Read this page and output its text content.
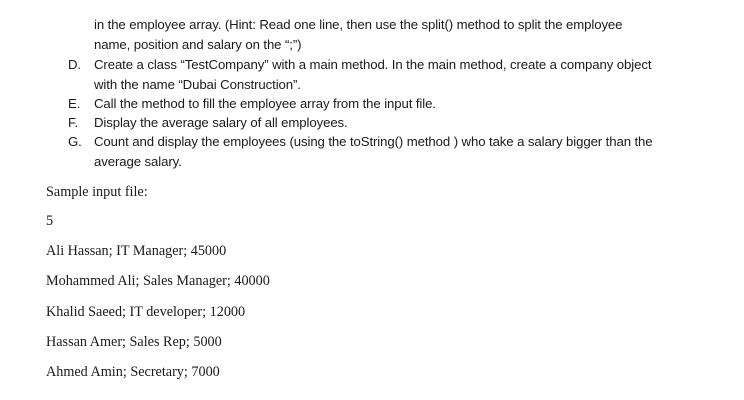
in the employee array. (Hint: Read one line, then use the split() method to split the employee
name, position and salary on the “;”)
D. Create a class “TestCompany” with a main method. In the main method, create a company object
with the name “Dubai Construction”.
E. Call the method to fill the employee array from the input file.
F. Display the average salary of all employees.
G. Count and display the employees (using the toString() method ) who take a salary bigger than the
average salary.
Sample input file:
5
Ali Hassan; IT Manager; 45000
Mohammed Ali; Sales Manager; 40000
Khalid Saeed; IT developer; 12000
Hassan Amer; Sales Rep; 5000
Ahmed Amin; Secretary; 7000
